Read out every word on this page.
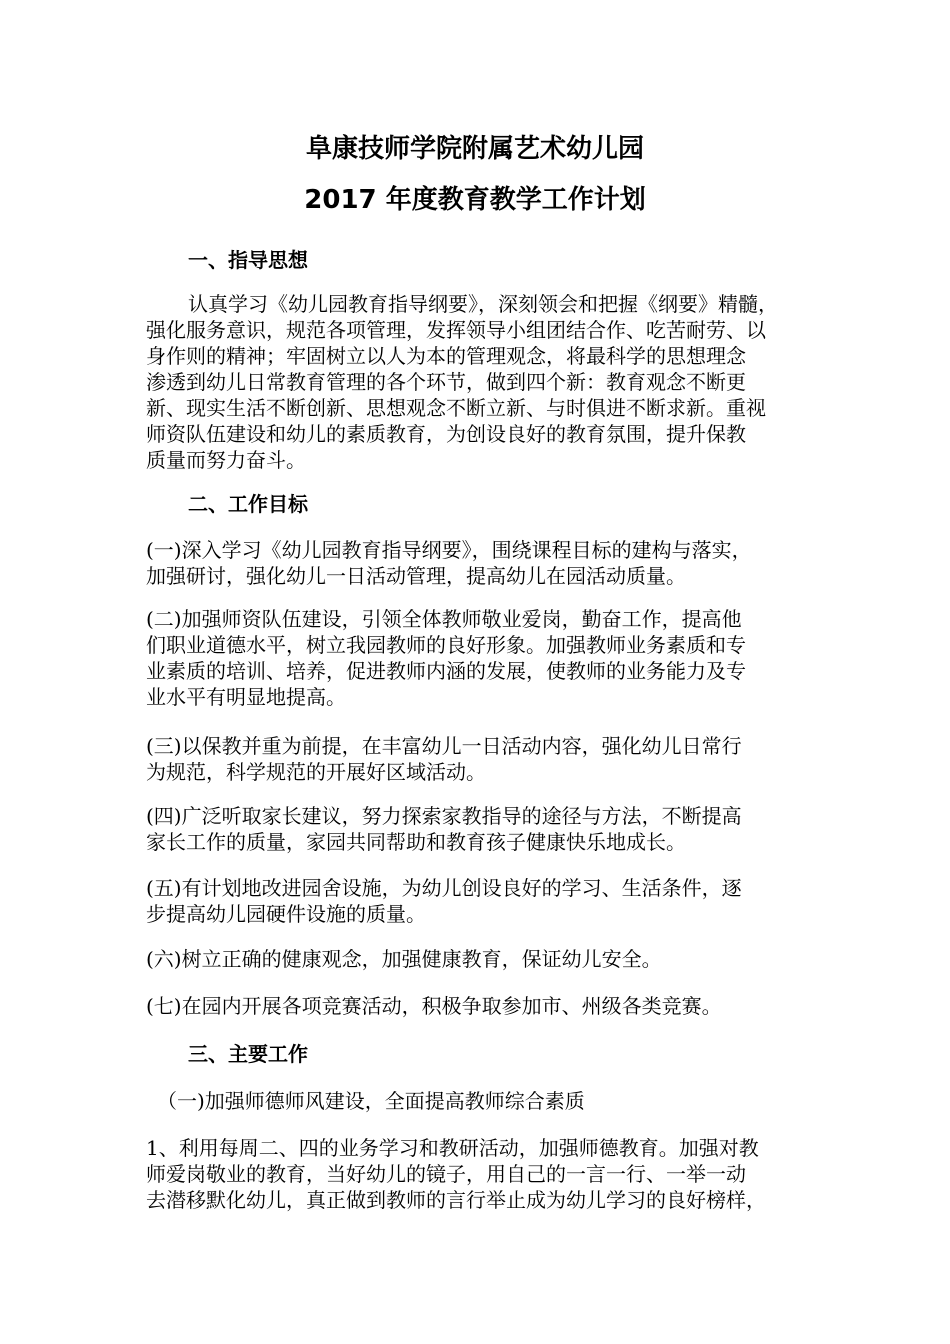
阜康技师学院附属艺术幼儿园
2017 年度教育教学工作计划
一、指导思想
认真学习《幼儿园教育指导纲要》，深刻领会和把握《纲要》精髓，
强化服务意识，规范各项管理，发挥领导小组团结合作、吃苦耐劳、以
身作则的精神；牢固树立以人为本的管理观念，将最科学的思想理念
渗透到幼儿日常教育管理的各个环节，做到四个新：教育观念不断更
新、现实生活不断创新、思想观念不断立新、与时俱进不断求新。重视
师资队伍建设和幼儿的素质教育，为创设良好的教育氛围，提升保教
质量而努力奋斗。
二、工作目标
(一)深入学习《幼儿园教育指导纲要》，围绕课程目标的建构与落实，
加强研讨，强化幼儿一日活动管理，提高幼儿在园活动质量。
(二)加强师资队伍建设，引领全体教师敬业爱岗，勤奋工作，提高他
们职业道德水平，树立我园教师的良好形象。加强教师业务素质和专
业素质的培训、培养，促进教师内涵的发展，使教师的业务能力及专
业水平有明显地提高。
(三)以保教并重为前提，在丰富幼儿一日活动内容，强化幼儿日常行
为规范，科学规范的开展好区域活动。
(四)广泛听取家长建议，努力探索家教指导的途径与方法，不断提高
家长工作的质量，家园共同帮助和教育孩子健康快乐地成长。
(五)有计划地改进园舍设施，为幼儿创设良好的学习、生活条件，逐
步提高幼儿园硬件设施的质量。
(六)树立正确的健康观念，加强健康教育，保证幼儿安全。
(七)在园内开展各项竞赛活动，积极争取参加市、州级各类竞赛。
三、主要工作
（一)加强师德师风建设，全面提高教师综合素质
1、利用每周二、四的业务学习和教研活动，加强师德教育。加强对教
师爱岗敬业的教育，当好幼儿的镜子，用自己的一言一行、一举一动
去潜移默化幼儿，真正做到教师的言行举止成为幼儿学习的良好榜样，
